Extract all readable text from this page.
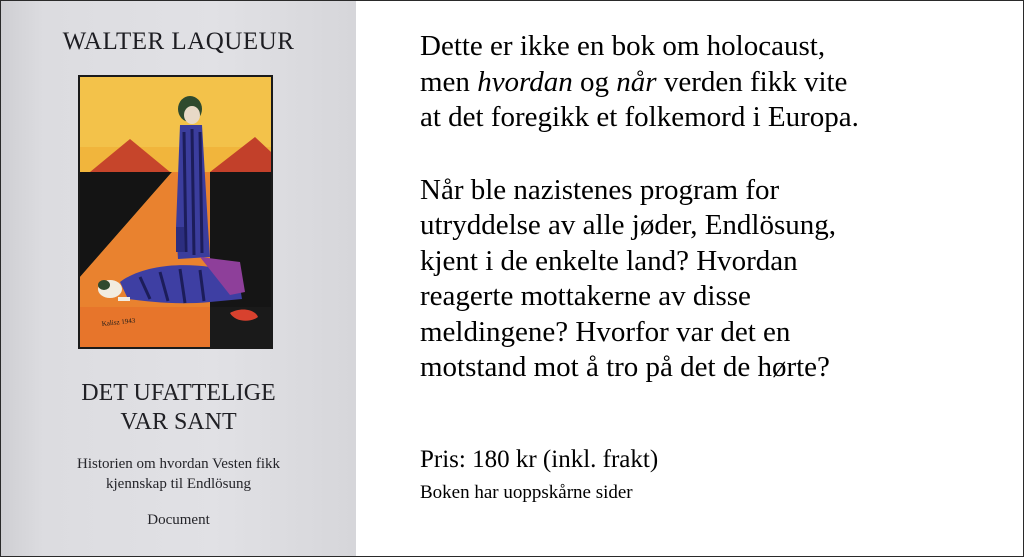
WALTER LAQUEUR
Kalisz 1943
DET UFATTELIGE
VAR SANT
Historien om hvordan Vesten fikk
kjennskap til Endlösung
Document

Dette er ikke en bok om holocaust,
men hvordan og når verden fikk vite
at det foregikk et folkemord i Europa.

Når ble nazistenes program for
utryddelse av alle jøder, Endlösung,
kjent i de enkelte land? Hvordan
reagerte mottakerne av disse
meldingene? Hvorfor var det en
motstand mot å tro på det de hørte?

Pris: 180 kr (inkl. frakt)
Boken har uoppskårne sider
